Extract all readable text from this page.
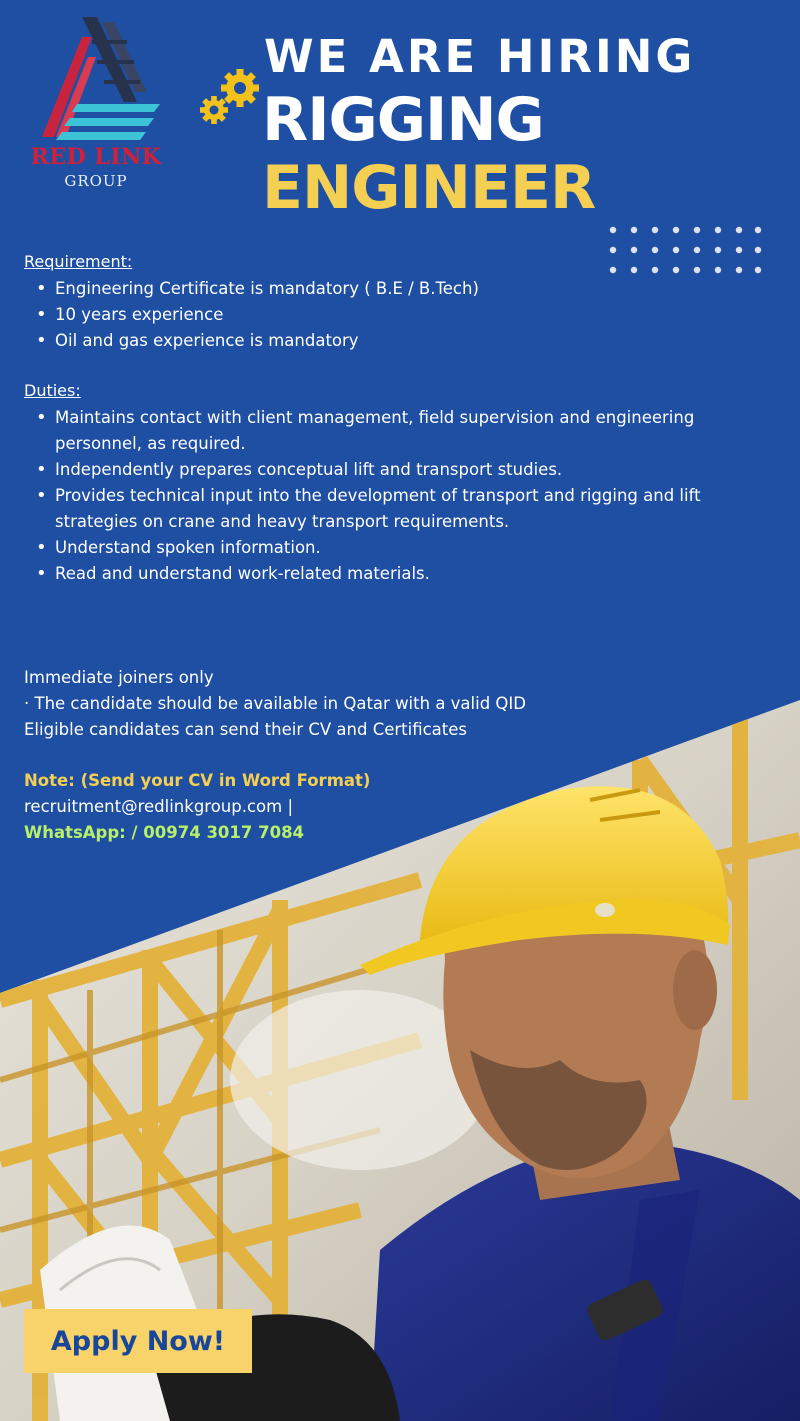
RED LINK
GROUP
WE ARE HIRING
RIGGING
ENGINEER
Requirement:
• Engineering Certificate is mandatory ( B.E / B.Tech)
• 10 years experience
• Oil and gas experience is mandatory
Duties:
• Maintains contact with client management, field supervision and engineering personnel, as required.
• Independently prepares conceptual lift and transport studies.
• Provides technical input into the development of transport and rigging and lift strategies on crane and heavy transport requirements.
• Understand spoken information.
• Read and understand work-related materials.
Immediate joiners only
· The candidate should be available in Qatar with a valid QID
Eligible candidates can send their CV and Certificates
Note: (Send your CV in Word Format)
recruitment@redlinkgroup.com |
WhatsApp: / 00974 3017 7084
Apply Now!
